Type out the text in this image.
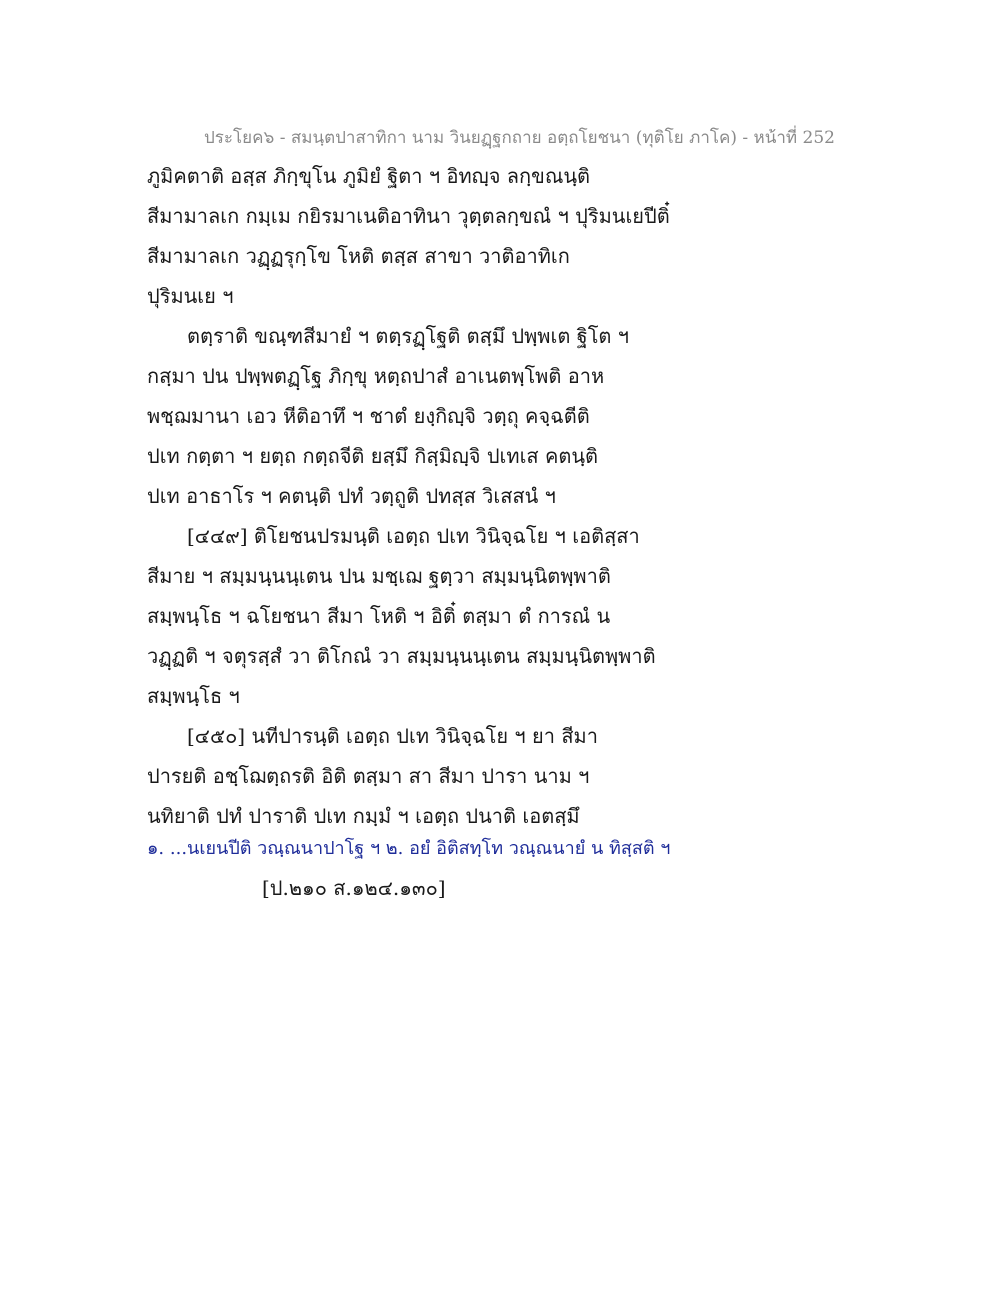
ประโยค๖ - สมนฺตปาสาทิกา นาม วินยฏฺฐกถาย อตฺถโยชนา (ทุติโย ภาโค) - หน้าที่ 252
ภูมิคตาติ อสฺส ภิกฺขุโน ภูมิยํ ฐิตา ฯ อิทญฺจ ลกฺขณนฺติ
สีมามาลเก กมฺเม กยิรมาเนติอาทินา วุตฺตลกฺขณํ ฯ ปุริมนเยปีติ๋
สีมามาลเก วฏฺฏรุกฺโข โหติ ตสฺส สาขา วาติอาทิเก
ปุริมนเย ฯ
ตตฺราติ ขณฺฑสีมายํ ฯ ตตฺรฏฺโฐติ ตสฺมึ ปพฺพเต ฐิโต ฯ
กสฺมา ปน ปพฺพตฏฺโฐ ภิกฺขุ หตฺถปาสํ อาเนตพฺโพติ อาห
พชฺฌมานา เอว หีติอาทึ ฯ ชาตํ ยงฺกิญฺจิ วตฺถุ คจฺฉตีติ
ปเท กตฺตา ฯ ยตฺถ กตฺถจีติ ยสฺมึ กิสฺมิญฺจิ ปเทเส คตนฺติ
ปเท อาธาโร ฯ คตนฺติ ปทํ วตฺถูติ ปทสฺส วิเสสนํ ฯ
[๔๔๙] ติโยชนปรมนฺติ เอตฺถ ปเท วินิจฺฉโย ฯ เอติสฺสา
สีมาย ฯ สมฺมนฺนนฺเตน ปน มชฺเฌ ฐตฺวา สมฺมนฺนิตพฺพาติ
สมฺพนฺโธ ฯ ฉโยชนา สีมา โหติ ฯ อิติ๋ ตสฺมา ตํ การณํ น
วฏฺฏติ ฯ จตุรสฺสํ วา ติโกณํ วา สมฺมนฺนนฺเตน สมฺมนฺนิตพฺพาติ
สมฺพนฺโธ ฯ
[๔๕๐] นทีปารนฺติ เอตฺถ ปเท วินิจฺฉโย ฯ ยา สีมา
ปารยติ อชฺโฌตฺถรติ อิติ ตสฺมา สา สีมา ปารา นาม ฯ
นทิยาติ ปทํ ปาราติ ปเท กมฺมํ ฯ เอตฺถ ปนาติ เอตสฺมึ
๑. ...นเยนปีติ วณฺณนาปาโฐ ฯ ๒. อยํ อิติสทฺโท วณฺณนายํ น ทิสฺสติ ฯ
[ป.๒๑๐ ส.๑๒๔.๑๓๐]
